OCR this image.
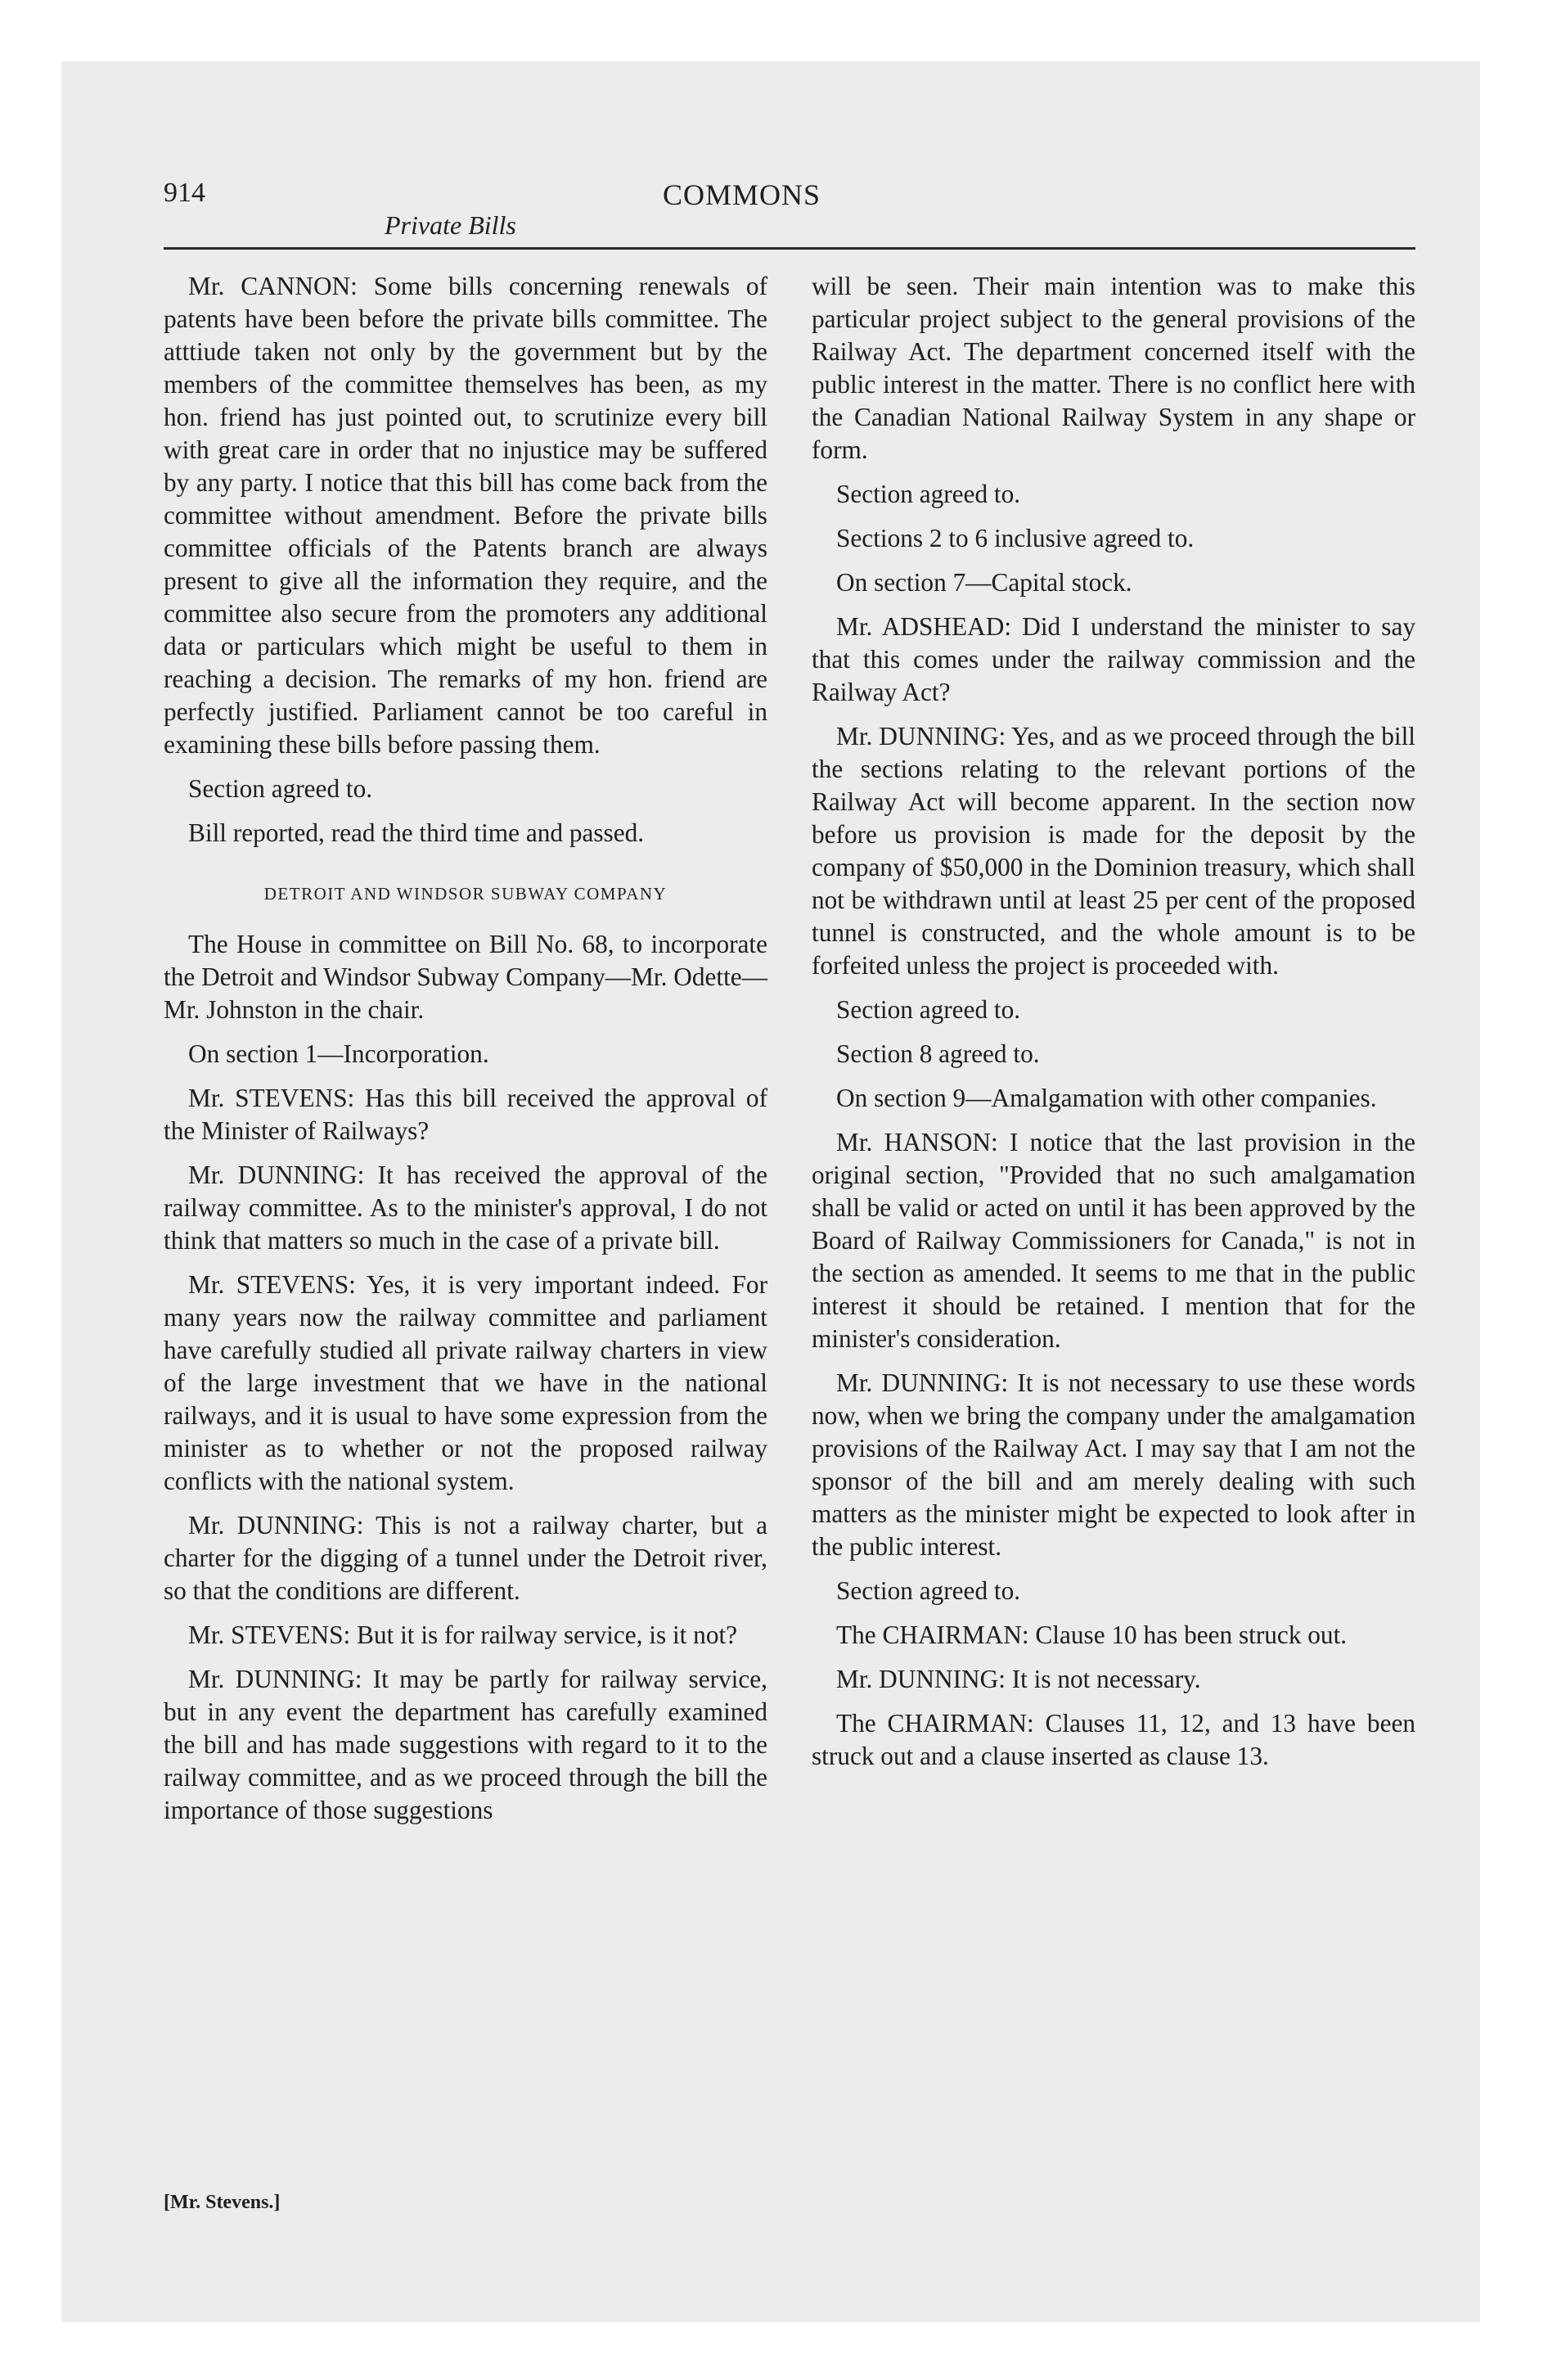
914	COMMONS
Private Bills

Mr. CANNON: Some bills concerning renewals of patents have been before the private bills committee. The atttiude taken not only by the government but by the members of the committee themselves has been, as my hon. friend has just pointed out, to scrutinize every bill with great care in order that no injustice may be suffered by any party. I notice that this bill has come back from the committee without amendment. Before the private bills committee officials of the Patents branch are always present to give all the information they require, and the committee also secure from the promoters any additional data or particulars which might be useful to them in reaching a decision. The remarks of my hon. friend are perfectly justified. Parliament cannot be too careful in examining these bills before passing them.

Section agreed to.

Bill reported, read the third time and passed.

DETROIT AND WINDSOR SUBWAY COMPANY

The House in committee on Bill No. 68, to incorporate the Detroit and Windsor Subway Company—Mr. Odette—Mr. Johnston in the chair.

On section 1—Incorporation.

Mr. STEVENS: Has this bill received the approval of the Minister of Railways?

Mr. DUNNING: It has received the approval of the railway committee. As to the minister's approval, I do not think that matters so much in the case of a private bill.

Mr. STEVENS: Yes, it is very important indeed. For many years now the railway committee and parliament have carefully studied all private railway charters in view of the large investment that we have in the national railways, and it is usual to have some expression from the minister as to whether or not the proposed railway conflicts with the national system.

Mr. DUNNING: This is not a railway charter, but a charter for the digging of a tunnel under the Detroit river, so that the conditions are different.

Mr. STEVENS: But it is for railway service, is it not?

Mr. DUNNING: It may be partly for railway service, but in any event the department has carefully examined the bill and has made suggestions with regard to it to the railway committee, and as we proceed through the bill the importance of those suggestions

will be seen. Their main intention was to make this particular project subject to the general provisions of the Railway Act. The department concerned itself with the public interest in the matter. There is no conflict here with the Canadian National Railway System in any shape or form.

Section agreed to.

Sections 2 to 6 inclusive agreed to.

On section 7—Capital stock.

Mr. ADSHEAD: Did I understand the minister to say that this comes under the railway commission and the Railway Act?

Mr. DUNNING: Yes, and as we proceed through the bill the sections relating to the relevant portions of the Railway Act will become apparent. In the section now before us provision is made for the deposit by the company of $50,000 in the Dominion treasury, which shall not be withdrawn until at least 25 per cent of the proposed tunnel is constructed, and the whole amount is to be forfeited unless the project is proceeded with.

Section agreed to.

Section 8 agreed to.

On section 9—Amalgamation with other companies.

Mr. HANSON: I notice that the last provision in the original section, "Provided that no such amalgamation shall be valid or acted on until it has been approved by the Board of Railway Commissioners for Canada," is not in the section as amended. It seems to me that in the public interest it should be retained. I mention that for the minister's consideration.

Mr. DUNNING: It is not necessary to use these words now, when we bring the company under the amalgamation provisions of the Railway Act. I may say that I am not the sponsor of the bill and am merely dealing with such matters as the minister might be expected to look after in the public interest.

Section agreed to.

The CHAIRMAN: Clause 10 has been struck out.

Mr. DUNNING: It is not necessary.

The CHAIRMAN: Clauses 11, 12, and 13 have been struck out and a clause inserted as clause 13.

[Mr. Stevens.]
